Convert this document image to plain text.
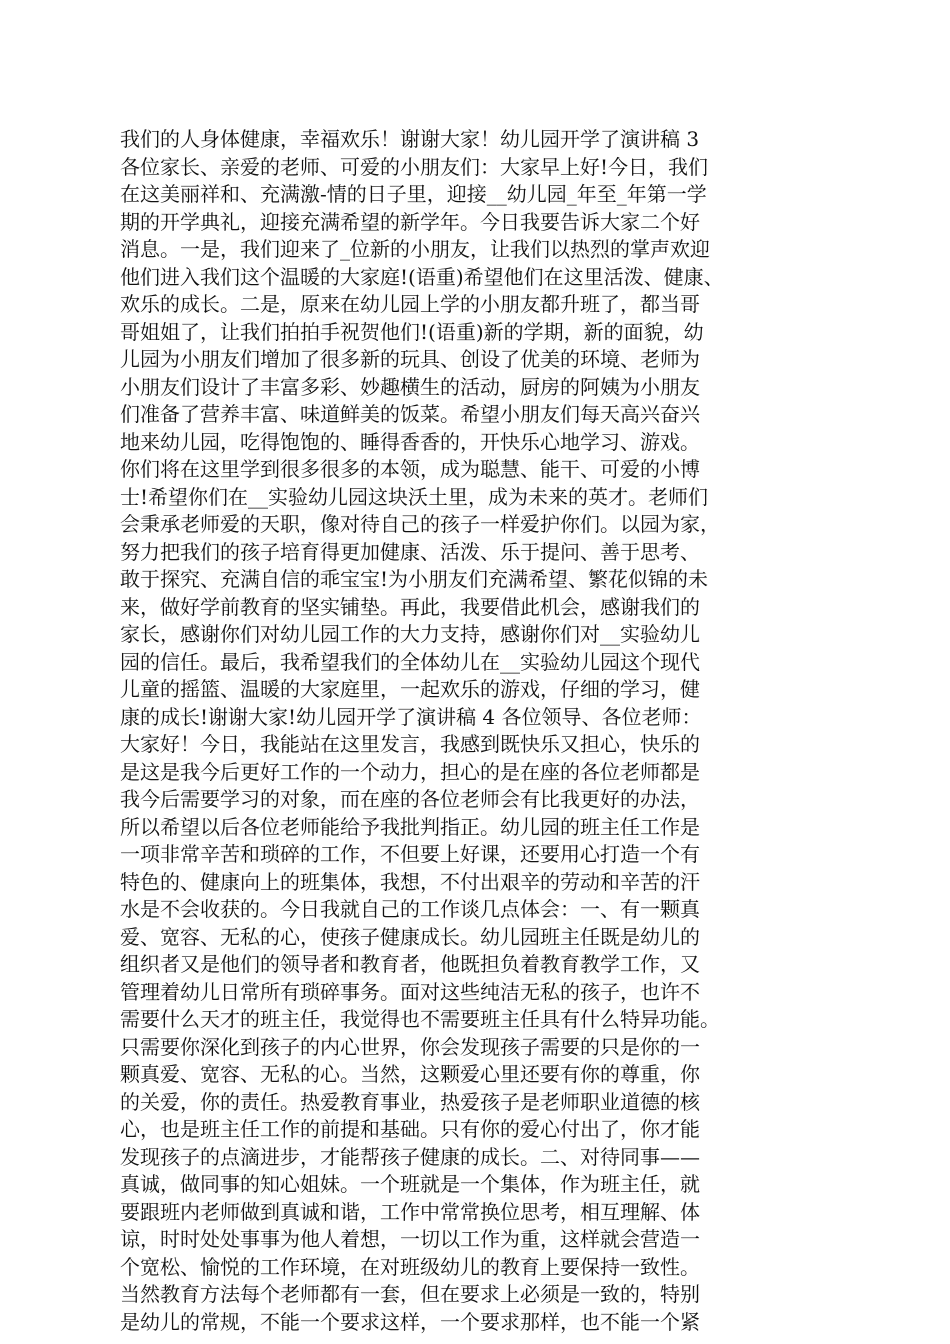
我们的人身体健康，幸福欢乐！谢谢大家！幼儿园开学了演讲稿 3
各位家长、亲爱的老师、可爱的小朋友们：大家早上好!今日，我们
在这美丽祥和、充满激-情的日子里，迎接__幼儿园_年至_年第一学
期的开学典礼，迎接充满希望的新学年。今日我要告诉大家二个好
消息。一是，我们迎来了_位新的小朋友，让我们以热烈的掌声欢迎
他们进入我们这个温暖的大家庭!(语重)希望他们在这里活泼、健康、
欢乐的成长。二是，原来在幼儿园上学的小朋友都升班了，都当哥
哥姐姐了，让我们拍拍手祝贺他们!(语重)新的学期，新的面貌，幼
儿园为小朋友们增加了很多新的玩具、创设了优美的环境、老师为
小朋友们设计了丰富多彩、妙趣横生的活动，厨房的阿姨为小朋友
们准备了营养丰富、味道鲜美的饭菜。希望小朋友们每天高兴奋兴
地来幼儿园，吃得饱饱的、睡得香香的，开快乐心地学习、游戏。
你们将在这里学到很多很多的本领，成为聪慧、能干、可爱的小博
士!希望你们在__实验幼儿园这块沃土里，成为未来的英才。老师们
会秉承老师爱的天职，像对待自己的孩子一样爱护你们。以园为家，
努力把我们的孩子培育得更加健康、活泼、乐于提问、善于思考、
敢于探究、充满自信的乖宝宝!为小朋友们充满希望、繁花似锦的未
来，做好学前教育的坚实铺垫。再此，我要借此机会，感谢我们的
家长，感谢你们对幼儿园工作的大力支持，感谢你们对__实验幼儿
园的信任。最后，我希望我们的全体幼儿在__实验幼儿园这个现代
儿童的摇篮、温暖的大家庭里，一起欢乐的游戏，仔细的学习，健
康的成长!谢谢大家!幼儿园开学了演讲稿 4 各位领导、各位老师：
大家好！今日，我能站在这里发言，我感到既快乐又担心，快乐的
是这是我今后更好工作的一个动力，担心的是在座的各位老师都是
我今后需要学习的对象，而在座的各位老师会有比我更好的办法，
所以希望以后各位老师能给予我批判指正。幼儿园的班主任工作是
一项非常辛苦和琐碎的工作，不但要上好课，还要用心打造一个有
特色的、健康向上的班集体，我想，不付出艰辛的劳动和辛苦的汗
水是不会收获的。今日我就自己的工作谈几点体会：一、有一颗真
爱、宽容、无私的心，使孩子健康成长。幼儿园班主任既是幼儿的
组织者又是他们的领导者和教育者，他既担负着教育教学工作，又
管理着幼儿日常所有琐碎事务。面对这些纯洁无私的孩子，也许不
需要什么天才的班主任，我觉得也不需要班主任具有什么特异功能。
只需要你深化到孩子的内心世界，你会发现孩子需要的只是你的一
颗真爱、宽容、无私的心。当然，这颗爱心里还要有你的尊重，你
的关爱，你的责任。热爱教育事业，热爱孩子是老师职业道德的核
心，也是班主任工作的前提和基础。只有你的爱心付出了，你才能
发现孩子的点滴进步，才能帮孩子健康的成长。二、对待同事——
真诚，做同事的知心姐妹。一个班就是一个集体，作为班主任，就
要跟班内老师做到真诚和谐，工作中常常换位思考，相互理解、体
谅，时时处处事事为他人着想，一切以工作为重，这样就会营造一
个宽松、愉悦的工作环境，在对班级幼儿的教育上要保持一致性。
当然教育方法每个老师都有一套，但在要求上必须是一致的，特别
是幼儿的常规，不能一个要求这样，一个要求那样，也不能一个紧
